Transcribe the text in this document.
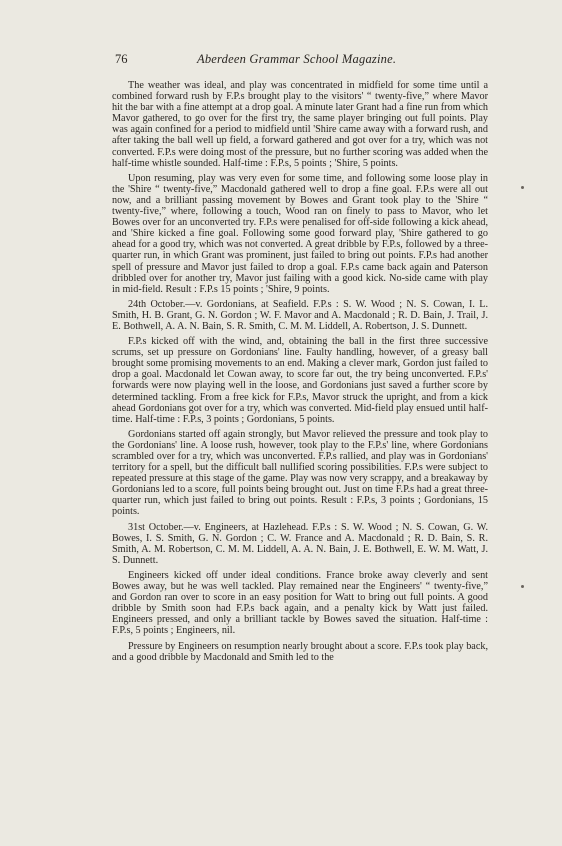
76	Aberdeen Grammar School Magazine.

The weather was ideal, and play was concentrated in midfield for some time until a combined forward rush by F.P.s brought play to the visitors' “ twenty-five,” where Mavor hit the bar with a fine attempt at a drop goal. A minute later Grant had a fine run from which Mavor gathered, to go over for the first try, the same player bringing out full points. Play was again confined for a period to midfield until 'Shire came away with a forward rush, and after taking the ball well up field, a forward gathered and got over for a try, which was not converted. F.P.s were doing most of the pressure, but no further scoring was added when the half-time whistle sounded. Half-time : F.P.s, 5 points ; 'Shire, 5 points.

Upon resuming, play was very even for some time, and following some loose play in the 'Shire “ twenty-five,” Macdonald gathered well to drop a fine goal. F.P.s were all out now, and a brilliant passing movement by Bowes and Grant took play to the 'Shire “ twenty-five,” where, following a touch, Wood ran on finely to pass to Mavor, who let Bowes over for an unconverted try. F.P.s were penalised for off-side following a kick ahead, and 'Shire kicked a fine goal. Following some good forward play, 'Shire gathered to go ahead for a good try, which was not converted. A great dribble by F.P.s, followed by a three-quarter run, in which Grant was prominent, just failed to bring out points. F.P.s had another spell of pressure and Mavor just failed to drop a goal. F.P.s came back again and Paterson dribbled over for another try, Mavor just failing with a good kick. No-side came with play in mid-field. Result : F.P.s 15 points ; 'Shire, 9 points.

24th October.—v. Gordonians, at Seafield. F.P.s : S. W. Wood ; N. S. Cowan, I. L. Smith, H. B. Grant, G. N. Gordon ; W. F. Mavor and A. Macdonald ; R. D. Bain, J. Trail, J. E. Bothwell, A. A. N. Bain, S. R. Smith, C. M. M. Liddell, A. Robertson, J. S. Dunnett.

F.P.s kicked off with the wind, and, obtaining the ball in the first three successive scrums, set up pressure on Gordonians' line. Faulty handling, however, of a greasy ball brought some promising movements to an end. Making a clever mark, Gordon just failed to drop a goal. Macdonald let Cowan away, to score far out, the try being unconverted. F.P.s' forwards were now playing well in the loose, and Gordonians just saved a further score by determined tackling. From a free kick for F.P.s, Mavor struck the upright, and from a kick ahead Gordonians got over for a try, which was converted. Mid-field play ensued until half-time. Half-time : F.P.s, 3 points ; Gordonians, 5 points.

Gordonians started off again strongly, but Mavor relieved the pressure and took play to the Gordonians' line. A loose rush, however, took play to the F.P.s' line, where Gordonians scrambled over for a try, which was unconverted. F.P.s rallied, and play was in Gordonians' territory for a spell, but the difficult ball nullified scoring possibilities. F.P.s were subject to repeated pressure at this stage of the game. Play was now very scrappy, and a breakaway by Gordonians led to a score, full points being brought out. Just on time F.P.s had a great three-quarter run, which just failed to bring out points. Result : F.P.s, 3 points ; Gordonians, 15 points.

31st October.—v. Engineers, at Hazlehead. F.P.s : S. W. Wood ; N. S. Cowan, G. W. Bowes, I. S. Smith, G. N. Gordon ; C. W. France and A. Macdonald ; R. D. Bain, S. R. Smith, A. M. Robertson, C. M. M. Liddell, A. A. N. Bain, J. E. Bothwell, E. W. M. Watt, J. S. Dunnett.

Engineers kicked off under ideal conditions. France broke away cleverly and sent Bowes away, but he was well tackled. Play remained near the Engineers' “ twenty-five,” and Gordon ran over to score in an easy position for Watt to bring out full points. A good dribble by Smith soon had F.P.s back again, and a penalty kick by Watt just failed. Engineers pressed, and only a brilliant tackle by Bowes saved the situation. Half-time : F.P.s, 5 points ; Engineers, nil.

Pressure by Engineers on resumption nearly brought about a score. F.P.s took play back, and a good dribble by Macdonald and Smith led to the
